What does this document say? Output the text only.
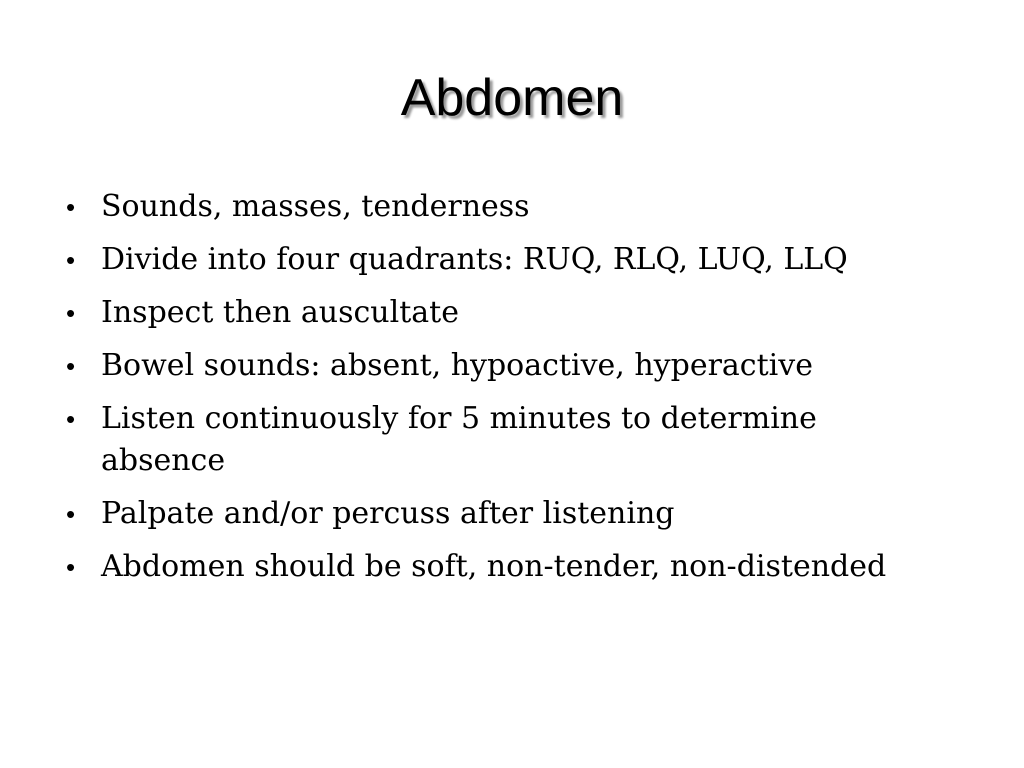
Abdomen
• Sounds, masses, tenderness
• Divide into four quadrants: RUQ, RLQ, LUQ, LLQ
• Inspect then auscultate
• Bowel sounds: absent, hypoactive, hyperactive
• Listen continuously for 5 minutes to determine absence
• Palpate and/or percuss after listening
• Abdomen should be soft, non-tender, non-distended
